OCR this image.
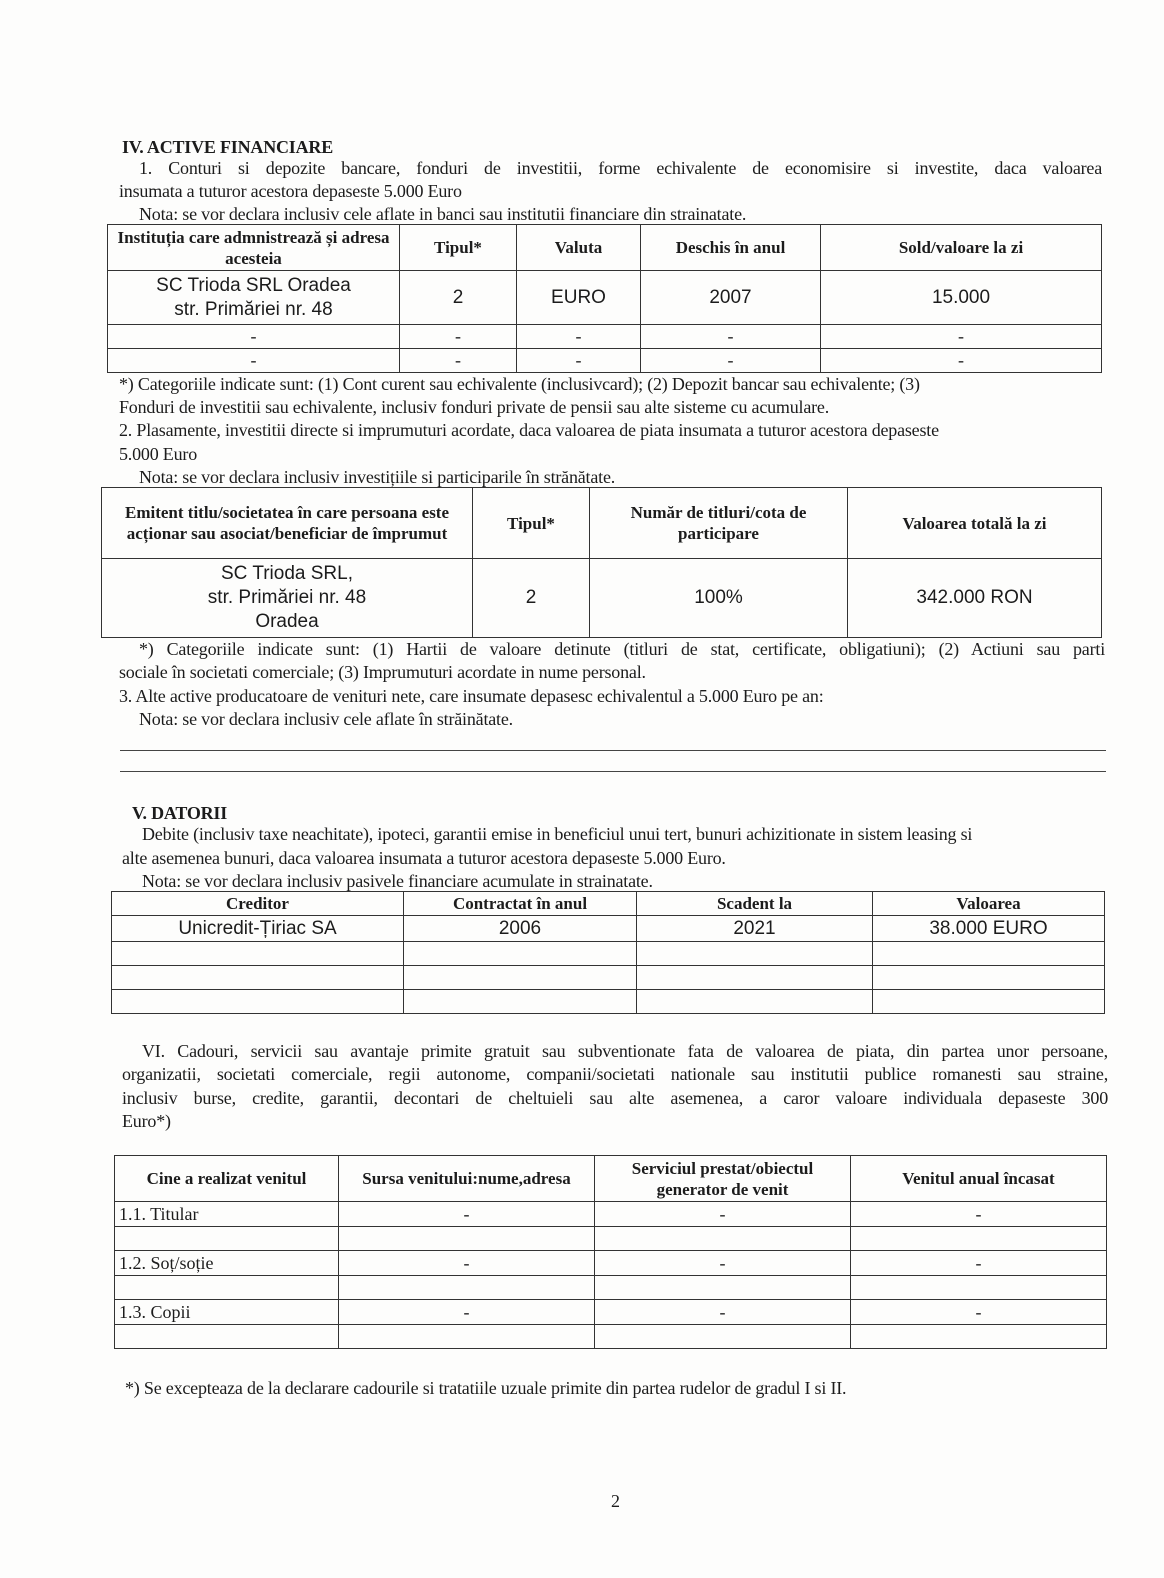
IV. ACTIVE FINANCIARE
1. Conturi si depozite bancare, fonduri de investitii, forme echivalente de economisire si investite, daca valoarea
insumata a tuturor acestora depaseste 5.000 Euro
Nota: se vor declara inclusiv cele aflate in banci sau institutii financiare din strainatate.
Instituția care admnistrează și adresa acesteia	Tipul*	Valuta	Deschis în anul	Sold/valoare la zi

SC Trioda SRL Oradea
str. Primăriei nr. 48	2	EURO	2007	15.000
-	-	-	-	-
-	-	-	-	-
*) Categoriile indicate sunt: (1) Cont curent sau echivalente (inclusivcard); (2) Depozit bancar sau echivalente; (3)
Fonduri de investitii sau echivalente, inclusiv fonduri private de pensii sau alte sisteme cu acumulare.
2. Plasamente, investitii directe si imprumuturi acordate, daca valoarea de piata insumata a tuturor acestora depaseste
5.000 Euro
Nota: se vor declara inclusiv investițiile si participarile în strănătate.
Emitent titlu/societatea în care persoana este acționar sau asociat/beneficiar de împrumut	Tipul*	Număr de titluri/cota de participare	Valoarea totală la zi

SC Trioda SRL,
str. Primăriei nr. 48
Oradea	2	100%	342.000 RON
*) Categoriile indicate sunt: (1) Hartii de valoare detinute (titluri de stat, certificate, obligatiuni); (2) Actiuni sau parti
sociale în societati comerciale; (3) Imprumuturi acordate in nume personal.
3. Alte active producatoare de venituri nete, care insumate depasesc echivalentul a 5.000 Euro pe an:
Nota: se vor declara inclusiv cele aflate în străinătate.
V. DATORII
Debite (inclusiv taxe neachitate), ipoteci, garantii emise in beneficiul unui tert, bunuri achizitionate in sistem leasing si
alte asemenea bunuri, daca valoarea insumata a tuturor acestora depaseste 5.000 Euro.
Nota: se vor declara inclusiv pasivele financiare acumulate in strainatate.
Creditor	Contractat în anul	Scadent la	Valoarea
Unicredit-Țiriac SA	2006	2021	38.000 EURO

VI. Cadouri, servicii sau avantaje primite gratuit sau subventionate fata de valoarea de piata, din partea unor persoane,
organizatii, societati comerciale, regii autonome, companii/societati nationale sau institutii publice romanesti sau straine,
inclusiv burse, credite, garantii, decontari de cheltuieli sau alte asemenea, a caror valoare individuala depaseste 300
Euro*)
Cine a realizat venitul	Sursa venitului:nume,adresa	Serviciul prestat/obiectul generator de venit	Venitul anual încasat
1.1. Titular	-	-	-

1.2. Soț/soție	-	-	-

1.3. Copii	-	-	-

*) Se excepteaza de la declarare cadourile si tratatiile uzuale primite din partea rudelor de gradul I si II.
2
